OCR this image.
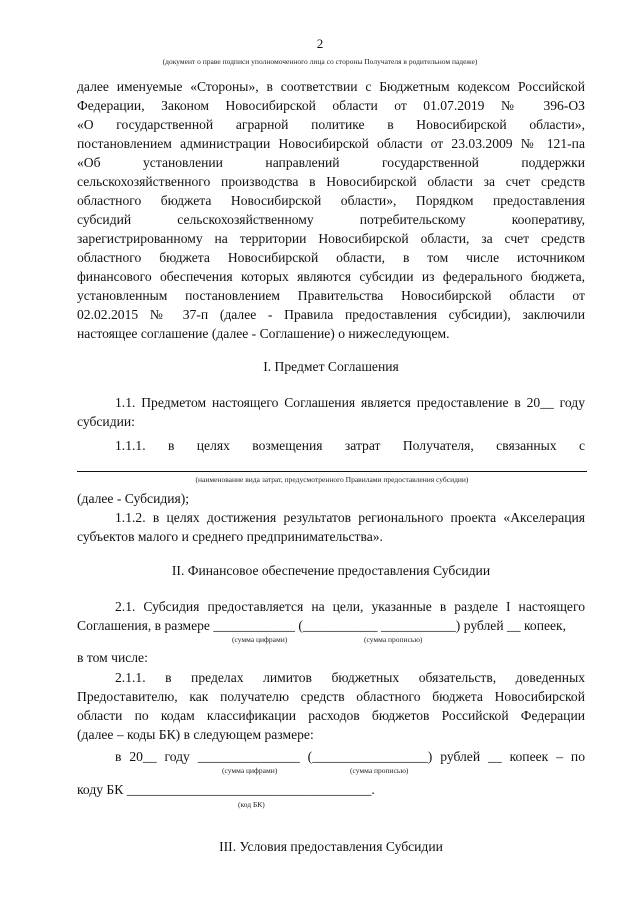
2
(документ о праве подписи уполномоченного лица со стороны Получателя в родительном падеже)
далее именуемые «Стороны», в соответствии с Бюджетным кодексом Российской
Федерации, Законом Новосибирской области от 01.07.2019 № 396-ОЗ
«О государственной аграрной политике в Новосибирской области»,
постановлением администрации Новосибирской области от 23.03.2009 № 121-па
«Об установлении направлений государственной поддержки
сельскохозяйственного производства в Новосибирской области за счет средств
областного бюджета Новосибирской области», Порядком предоставления
субсидий сельскохозяйственному потребительскому кооперативу,
зарегистрированному на территории Новосибирской области, за счет средств
областного бюджета Новосибирской области, в том числе источником
финансового обеспечения которых являются субсидии из федерального бюджета,
установленным постановлением Правительства Новосибирской области от
02.02.2015 № 37-п (далее - Правила предоставления субсидии), заключили
настоящее соглашение (далее - Соглашение) о нижеследующем.
I. Предмет Соглашения
1.1. Предметом настоящего Соглашения является предоставление в 20__ году
субсидии:
1.1.1. в целях возмещения затрат Получателя, связанных с
(наименование вида затрат, предусмотренного Правилами предоставления субсидии)
(далее - Субсидия);
1.1.2. в целях достижения результатов регионального проекта «Акселерация
субъектов малого и среднего предпринимательства».
II. Финансовое обеспечение предоставления Субсидии
2.1. Субсидия предоставляется на цели, указанные в разделе I настоящего
Соглашения, в размере ____________ (___________ ___________) рублей __ копеек,
(сумма цифрами)	(сумма прописью)
в том числе:
2.1.1. в пределах лимитов бюджетных обязательств, доведенных
Предоставителю, как получателю средств областного бюджета Новосибирской
области по кодам классификации расходов бюджетов Российской Федерации
(далее – коды БК) в следующем размере:
в 20__ году _______________ (_________________) рублей __ копеек – по
(сумма цифрами)	(сумма прописью)
коду БК ____________________________________.
(код БК)
III. Условия предоставления Субсидии
